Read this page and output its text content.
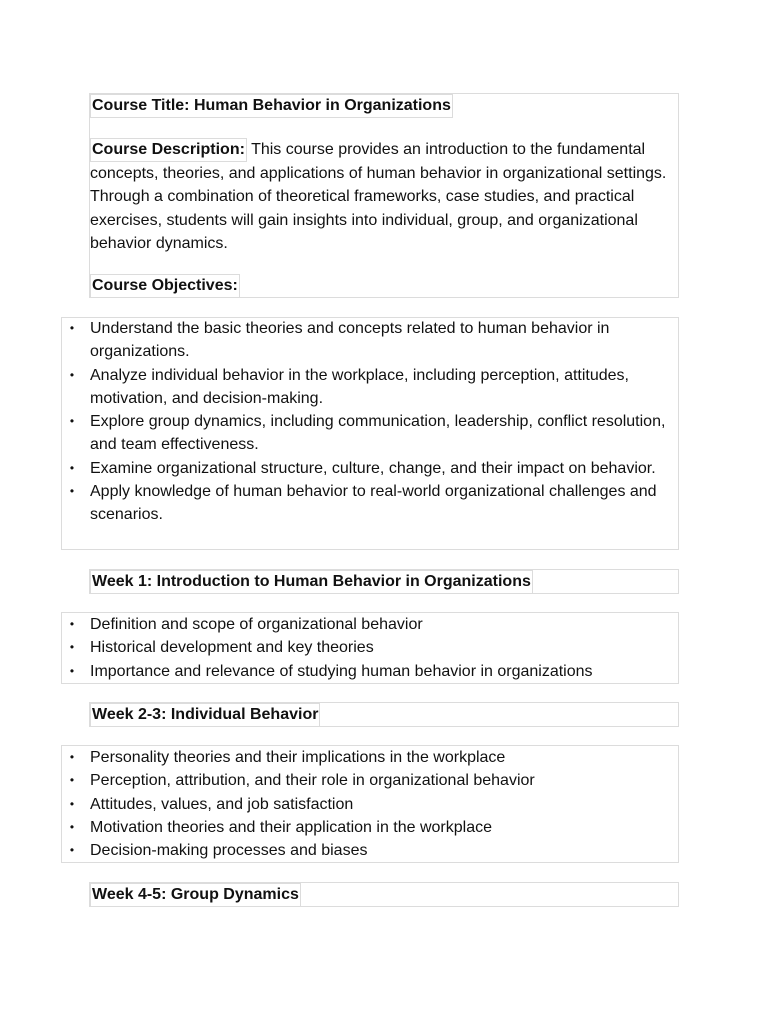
Course Title: Human Behavior in Organizations
Course Description: This course provides an introduction to the fundamental concepts, theories, and applications of human behavior in organizational settings. Through a combination of theoretical frameworks, case studies, and practical exercises, students will gain insights into individual, group, and organizational behavior dynamics.
Course Objectives:
• Understand the basic theories and concepts related to human behavior in organizations.
• Analyze individual behavior in the workplace, including perception, attitudes, motivation, and decision-making.
• Explore group dynamics, including communication, leadership, conflict resolution, and team effectiveness.
• Examine organizational structure, culture, change, and their impact on behavior.
• Apply knowledge of human behavior to real-world organizational challenges and scenarios.
Week 1: Introduction to Human Behavior in Organizations
• Definition and scope of organizational behavior
• Historical development and key theories
• Importance and relevance of studying human behavior in organizations
Week 2-3: Individual Behavior
• Personality theories and their implications in the workplace
• Perception, attribution, and their role in organizational behavior
• Attitudes, values, and job satisfaction
• Motivation theories and their application in the workplace
• Decision-making processes and biases
Week 4-5: Group Dynamics
